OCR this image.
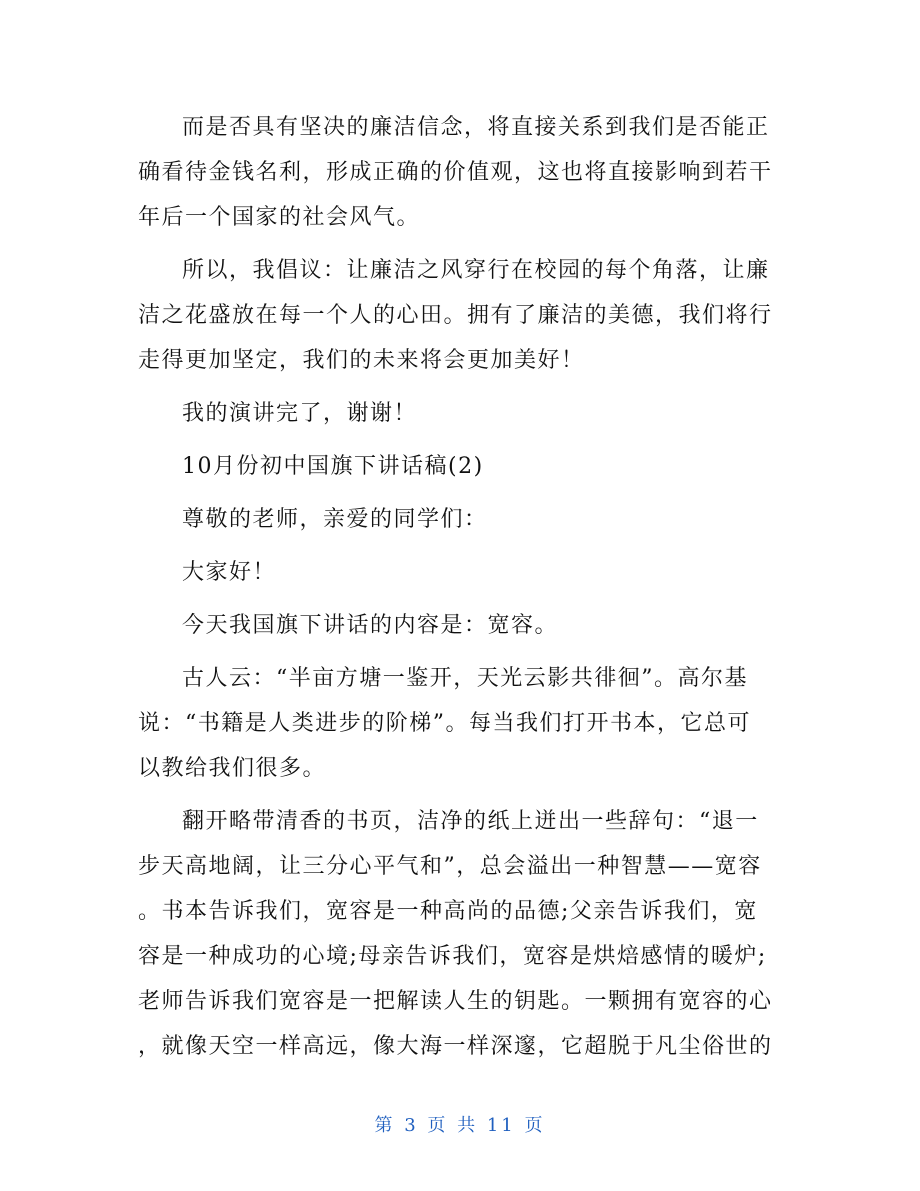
而是否具有坚决的廉洁信念，将直接关系到我们是否能正
确看待金钱名利，形成正确的价值观，这也将直接影响到若干
年后一个国家的社会风气。
所以，我倡议：让廉洁之风穿行在校园的每个角落，让廉
洁之花盛放在每一个人的心田。拥有了廉洁的美德，我们将行
走得更加坚定，我们的未来将会更加美好！
我的演讲完了，谢谢！
10月份初中国旗下讲话稿(2)
尊敬的老师，亲爱的同学们：
大家好！
今天我国旗下讲话的内容是：宽容。
古人云：“半亩方塘一鉴开，天光云影共徘徊”。高尔基
说：“书籍是人类进步的阶梯”。每当我们打开书本，它总可
以教给我们很多。
翻开略带清香的书页，洁净的纸上迸出一些辞句：“退一
步天高地阔，让三分心平气和”，总会溢出一种智慧——宽容
。书本告诉我们，宽容是一种高尚的品德;父亲告诉我们，宽
容是一种成功的心境;母亲告诉我们，宽容是烘焙感情的暖炉;
老师告诉我们宽容是一把解读人生的钥匙。一颗拥有宽容的心
，就像天空一样高远，像大海一样深邃，它超脱于凡尘俗世的
第 3 页 共 11 页
